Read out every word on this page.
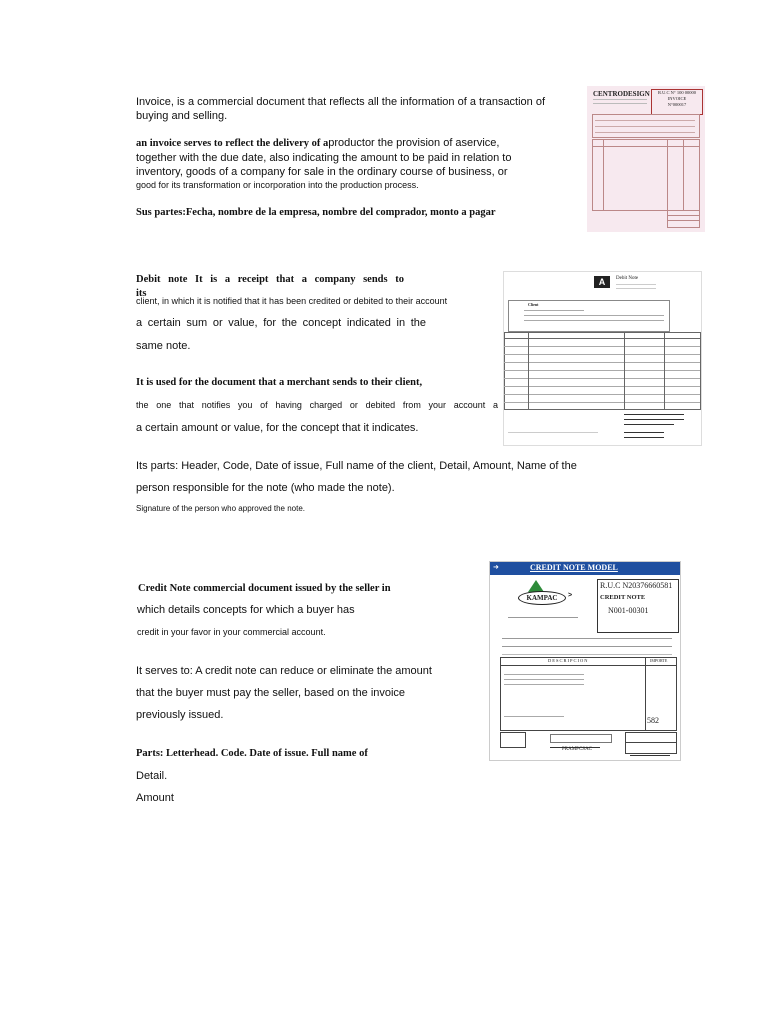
Invoice, is a commercial document that reflects all the information of a transaction of buying and selling.
an invoice serves to reflect the delivery of aproductor the provision of aservice, together with the due date, also indicating the amount to be paid in relation to inventory, goods of a company for sale in the ordinary course of business, or
good for its transformation or incorporation into the production process.
Sus partes:Fecha, nombre de la empresa, nombre del comprador, monto a pagar
CENTRODESIGN	R.U.C N° 100 00000
INVOICE
N°000017
Debit note It is a receipt that a company sends to its
client, in which it is notified that it has been credited or debited to their account
a certain sum or value, for the concept indicated in the
same note.
It is used for the document that a merchant sends to their client,
the one that notifies you of having charged or debited from your account a
a certain amount or value, for the concept that it indicates.
Its parts: Header, Code, Date of issue, Full name of the client, Detail, Amount, Name of the
person responsible for the note (who made the note).
Signature of the person who approved the note.
A	Debit Note
Client
Credit Note commercial document issued by the seller in
which details concepts for which a buyer has
credit in your favor in your commercial account.
It serves to: A credit note can reduce or eliminate the amount
that the buyer must pay the seller, based on the invoice
previously issued.
Parts: Letterhead. Code. Date of issue. Full name of
Detail.
Amount
➜	CREDIT NOTE MODEL
KAMPAC	>
R.U.C N20376660581
CREDIT NOTE
N001-00301
DESCRIPCION	IMPORTE
582
PRAMPCSAC
